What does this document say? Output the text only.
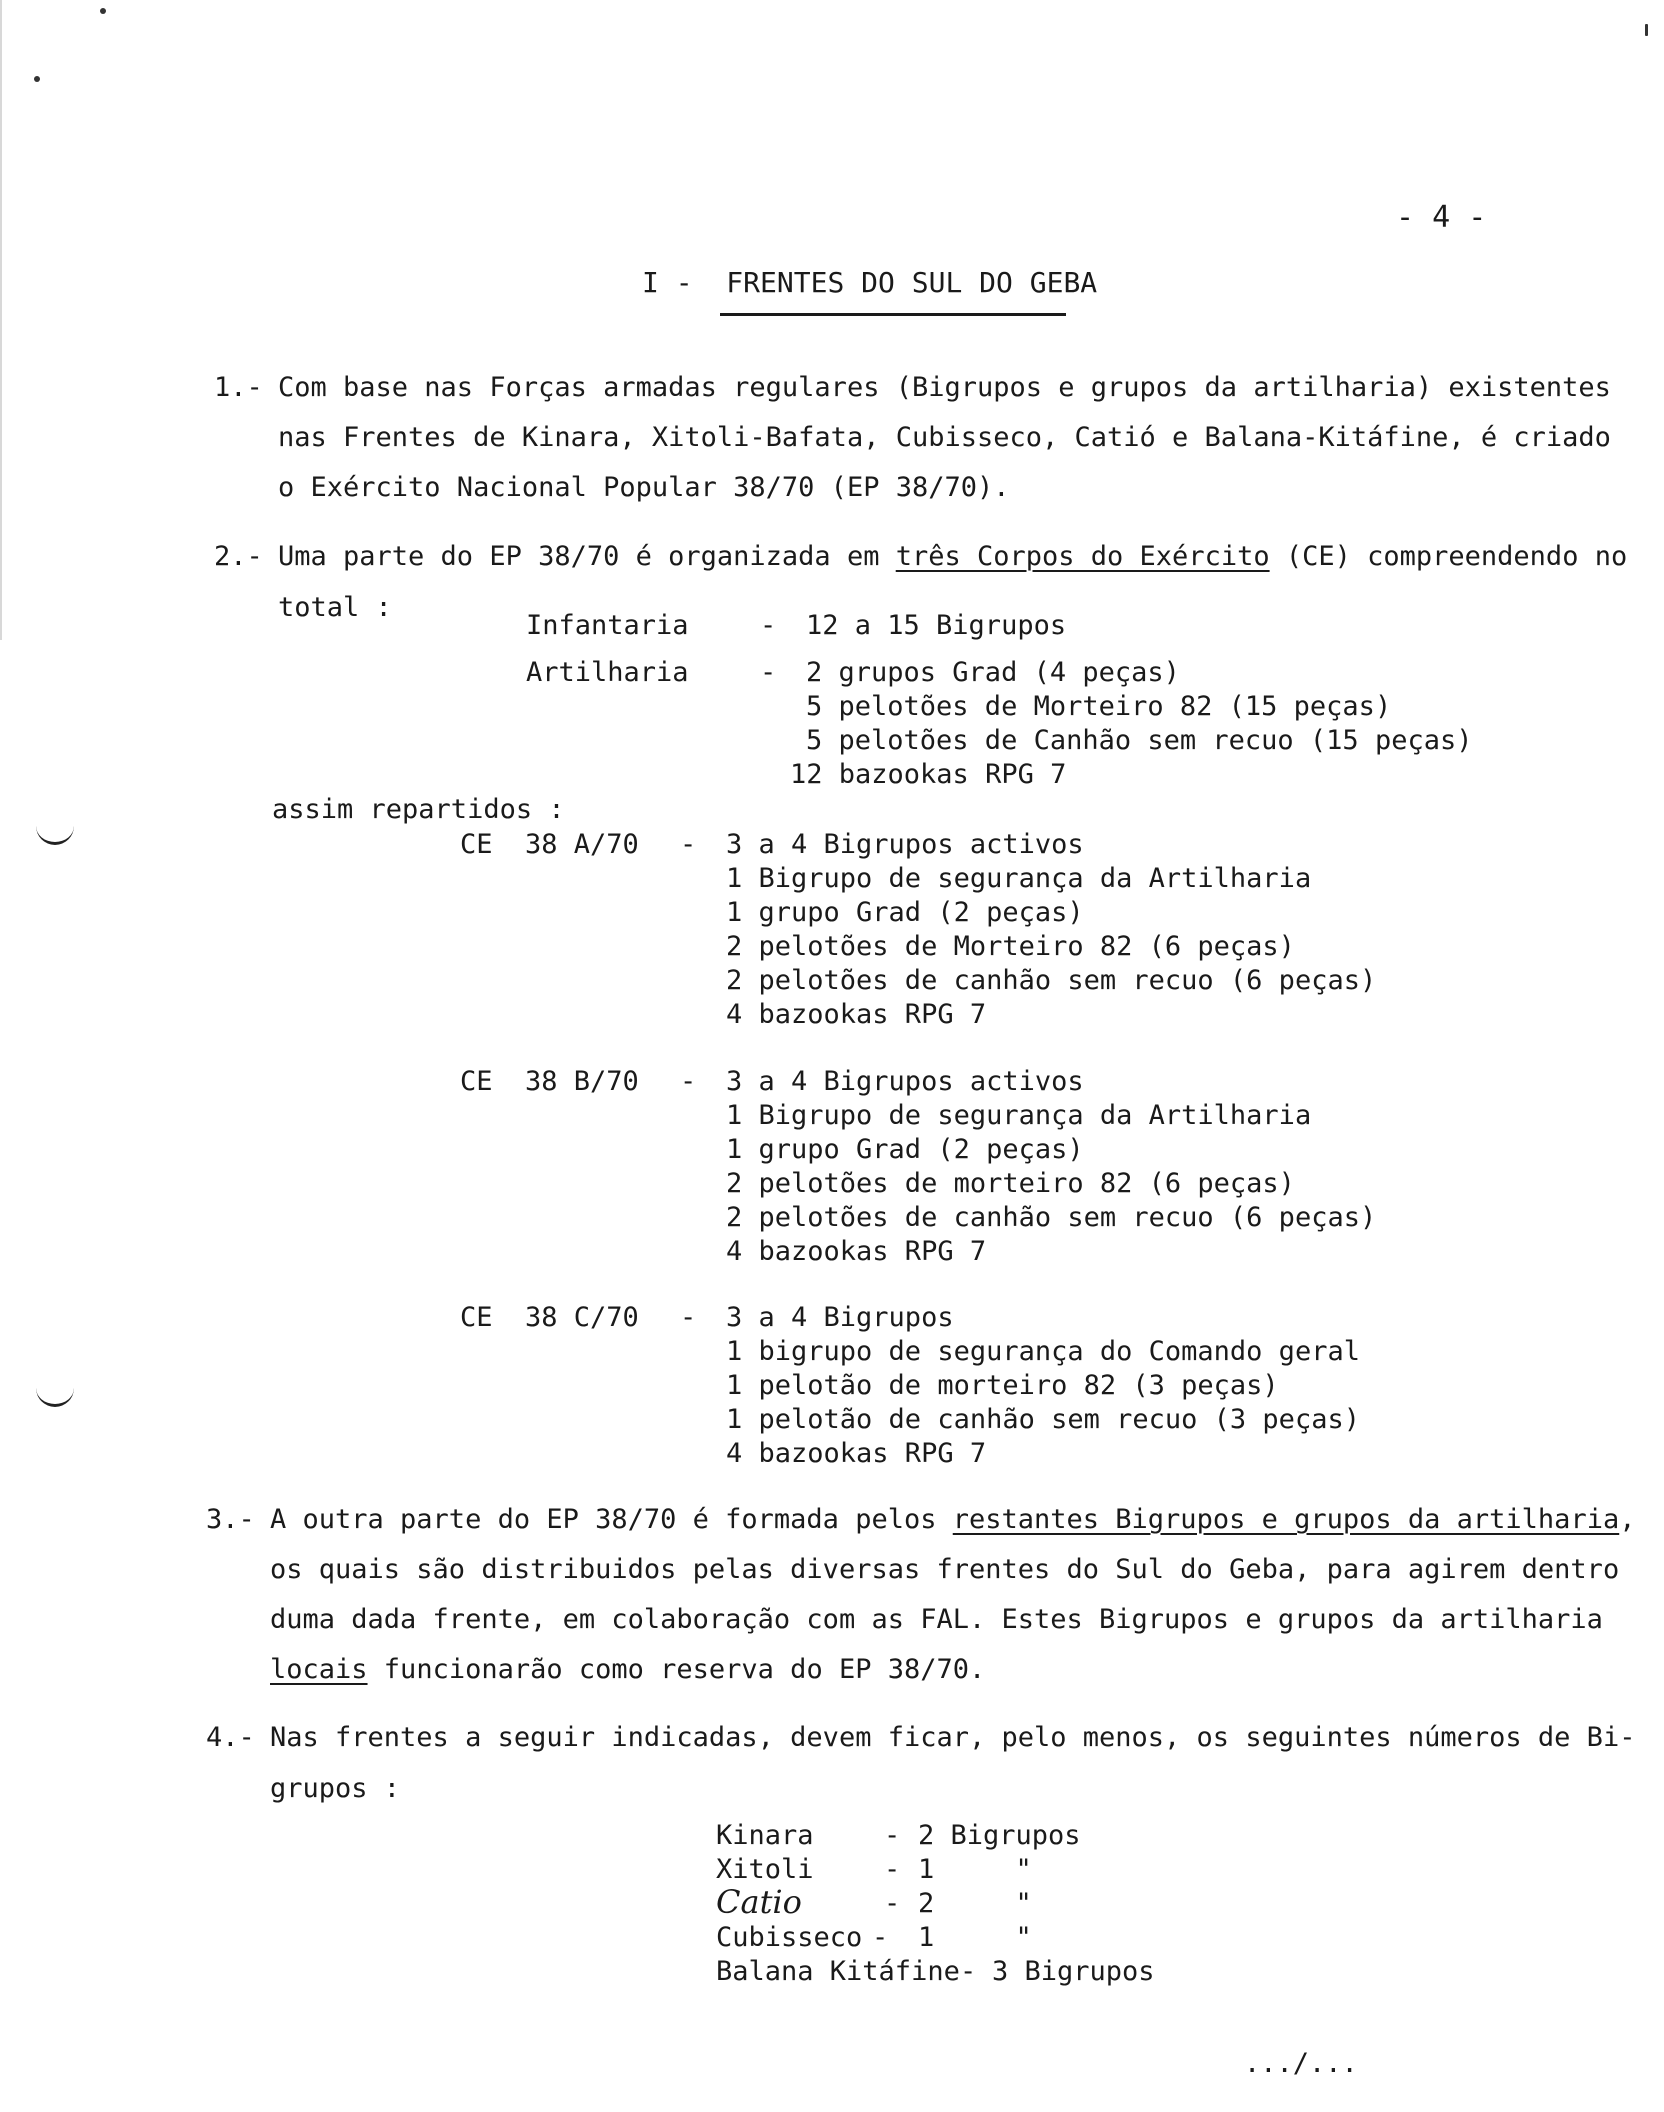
- 4 -
I - FRENTES DO SUL DO GEBA
1.- Com base nas Forças armadas regulares (Bigrupos e grupos da artilharia) existentes
nas Frentes de Kinara, Xitoli-Bafata, Cubisseco, Catió e Balana-Kitáfine, é criado
o Exército Nacional Popular 38/70 (EP 38/70).
2.- Uma parte do EP 38/70 é organizada em três Corpos do Exército (CE) compreendendo no
total :
Infantaria	- 12 a 15 Bigrupos
Artilharia	- 2 grupos Grad (4 peças)
5 pelotões de Morteiro 82 (15 peças)
5 pelotões de Canhão sem recuo (15 peças)
12 bazookas RPG 7
assim repartidos :
CE  38 A/70 - 3 a 4 Bigrupos activos
1 Bigrupo de segurança da Artilharia
1 grupo Grad (2 peças)
2 pelotões de Morteiro 82 (6 peças)
2 pelotões de canhão sem recuo (6 peças)
4 bazookas RPG 7
CE  38 B/70 - 3 a 4 Bigrupos activos
1 Bigrupo de segurança da Artilharia
1 grupo Grad (2 peças)
2 pelotões de morteiro 82 (6 peças)
2 pelotões de canhão sem recuo (6 peças)
4 bazookas RPG 7
CE  38 C/70 - 3 a 4 Bigrupos
1 bigrupo de segurança do Comando geral
1 pelotão de morteiro 82 (3 peças)
1 pelotão de canhão sem recuo (3 peças)
4 bazookas RPG 7
3.- A outra parte do EP 38/70 é formada pelos restantes Bigrupos e grupos da artilharia,
os quais são distribuidos pelas diversas frentes do Sul do Geba, para agirem dentro
duma dada frente, em colaboração com as FAL. Estes Bigrupos e grupos da artilharia
locais funcionarão como reserva do EP 38/70.
4.- Nas frentes a seguir indicadas, devem ficar, pelo menos, os seguintes números de Bi-
grupos :
Kinara	- 2 Bigrupos
Xitoli	- 1     "
Catio	- 2     "
Cubisseco - 1     "
Balana Kitáfine - 3 Bigrupos
.../...
